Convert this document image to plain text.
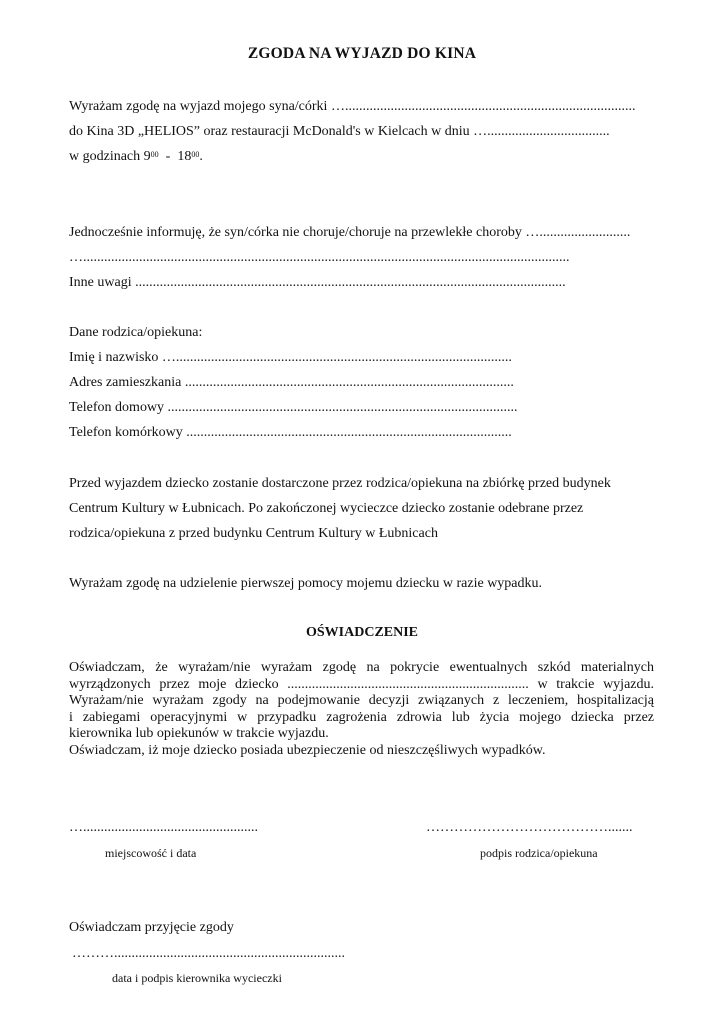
ZGODA NA WYJAZD DO KINA
Wyrażam zgodę na wyjazd mojego syna/córki …...................................................................................
do Kina 3D „HELIOS” oraz restauracji McDonald's w Kielcach w dniu …...................................
w godzinach $9^{00} - 18^{00}$.
Jednocześnie informuję, że syn/córka nie choruje/choruje na przewlekłe choroby …..........................
…...........................................................................................................................................
Inne uwagi ...........................................................................................................................
Dane rodzica/opiekuna:
Imię i nazwisko …................................................................................................
Adres zamieszkania ..............................................................................................
Telefon domowy ....................................................................................................
Telefon komórkowy .............................................................................................
Przed wyjazdem dziecko zostanie dostarczone przez rodzica/opiekuna na zbiórkę przed budynek
Centrum Kultury w Łubnicach. Po zakończonej wycieczce dziecko zostanie odebrane przez
rodzica/opiekuna z przed budynku Centrum Kultury w Łubnicach
Wyrażam zgodę na udzielenie pierwszej pomocy mojemu dziecku w razie wypadku.
OŚWIADCZENIE
Oświadczam, że wyrażam/nie wyrażam zgodę na pokrycie ewentualnych szkód materialnych
wyrządzonych przez moje dziecko ..................................................................... w trakcie wyjazdu.
Wyrażam/nie wyrażam zgody na podejmowanie decyzji związanych z leczeniem, hospitalizacją
i zabiegami operacyjnymi w przypadku zagrożenia zdrowia lub życia mojego dziecka przez
kierownika lub opiekunów w trakcie wyjazdu.
Oświadczam, iż moje dziecko posiada ubezpieczenie od nieszczęśliwych wypadków.
…..................................................
miejscowość i data
………………………………….......
podpis rodzica/opiekuna
Oświadczam przyjęcie zgody
………..................................................................
data i podpis kierownika wycieczki
